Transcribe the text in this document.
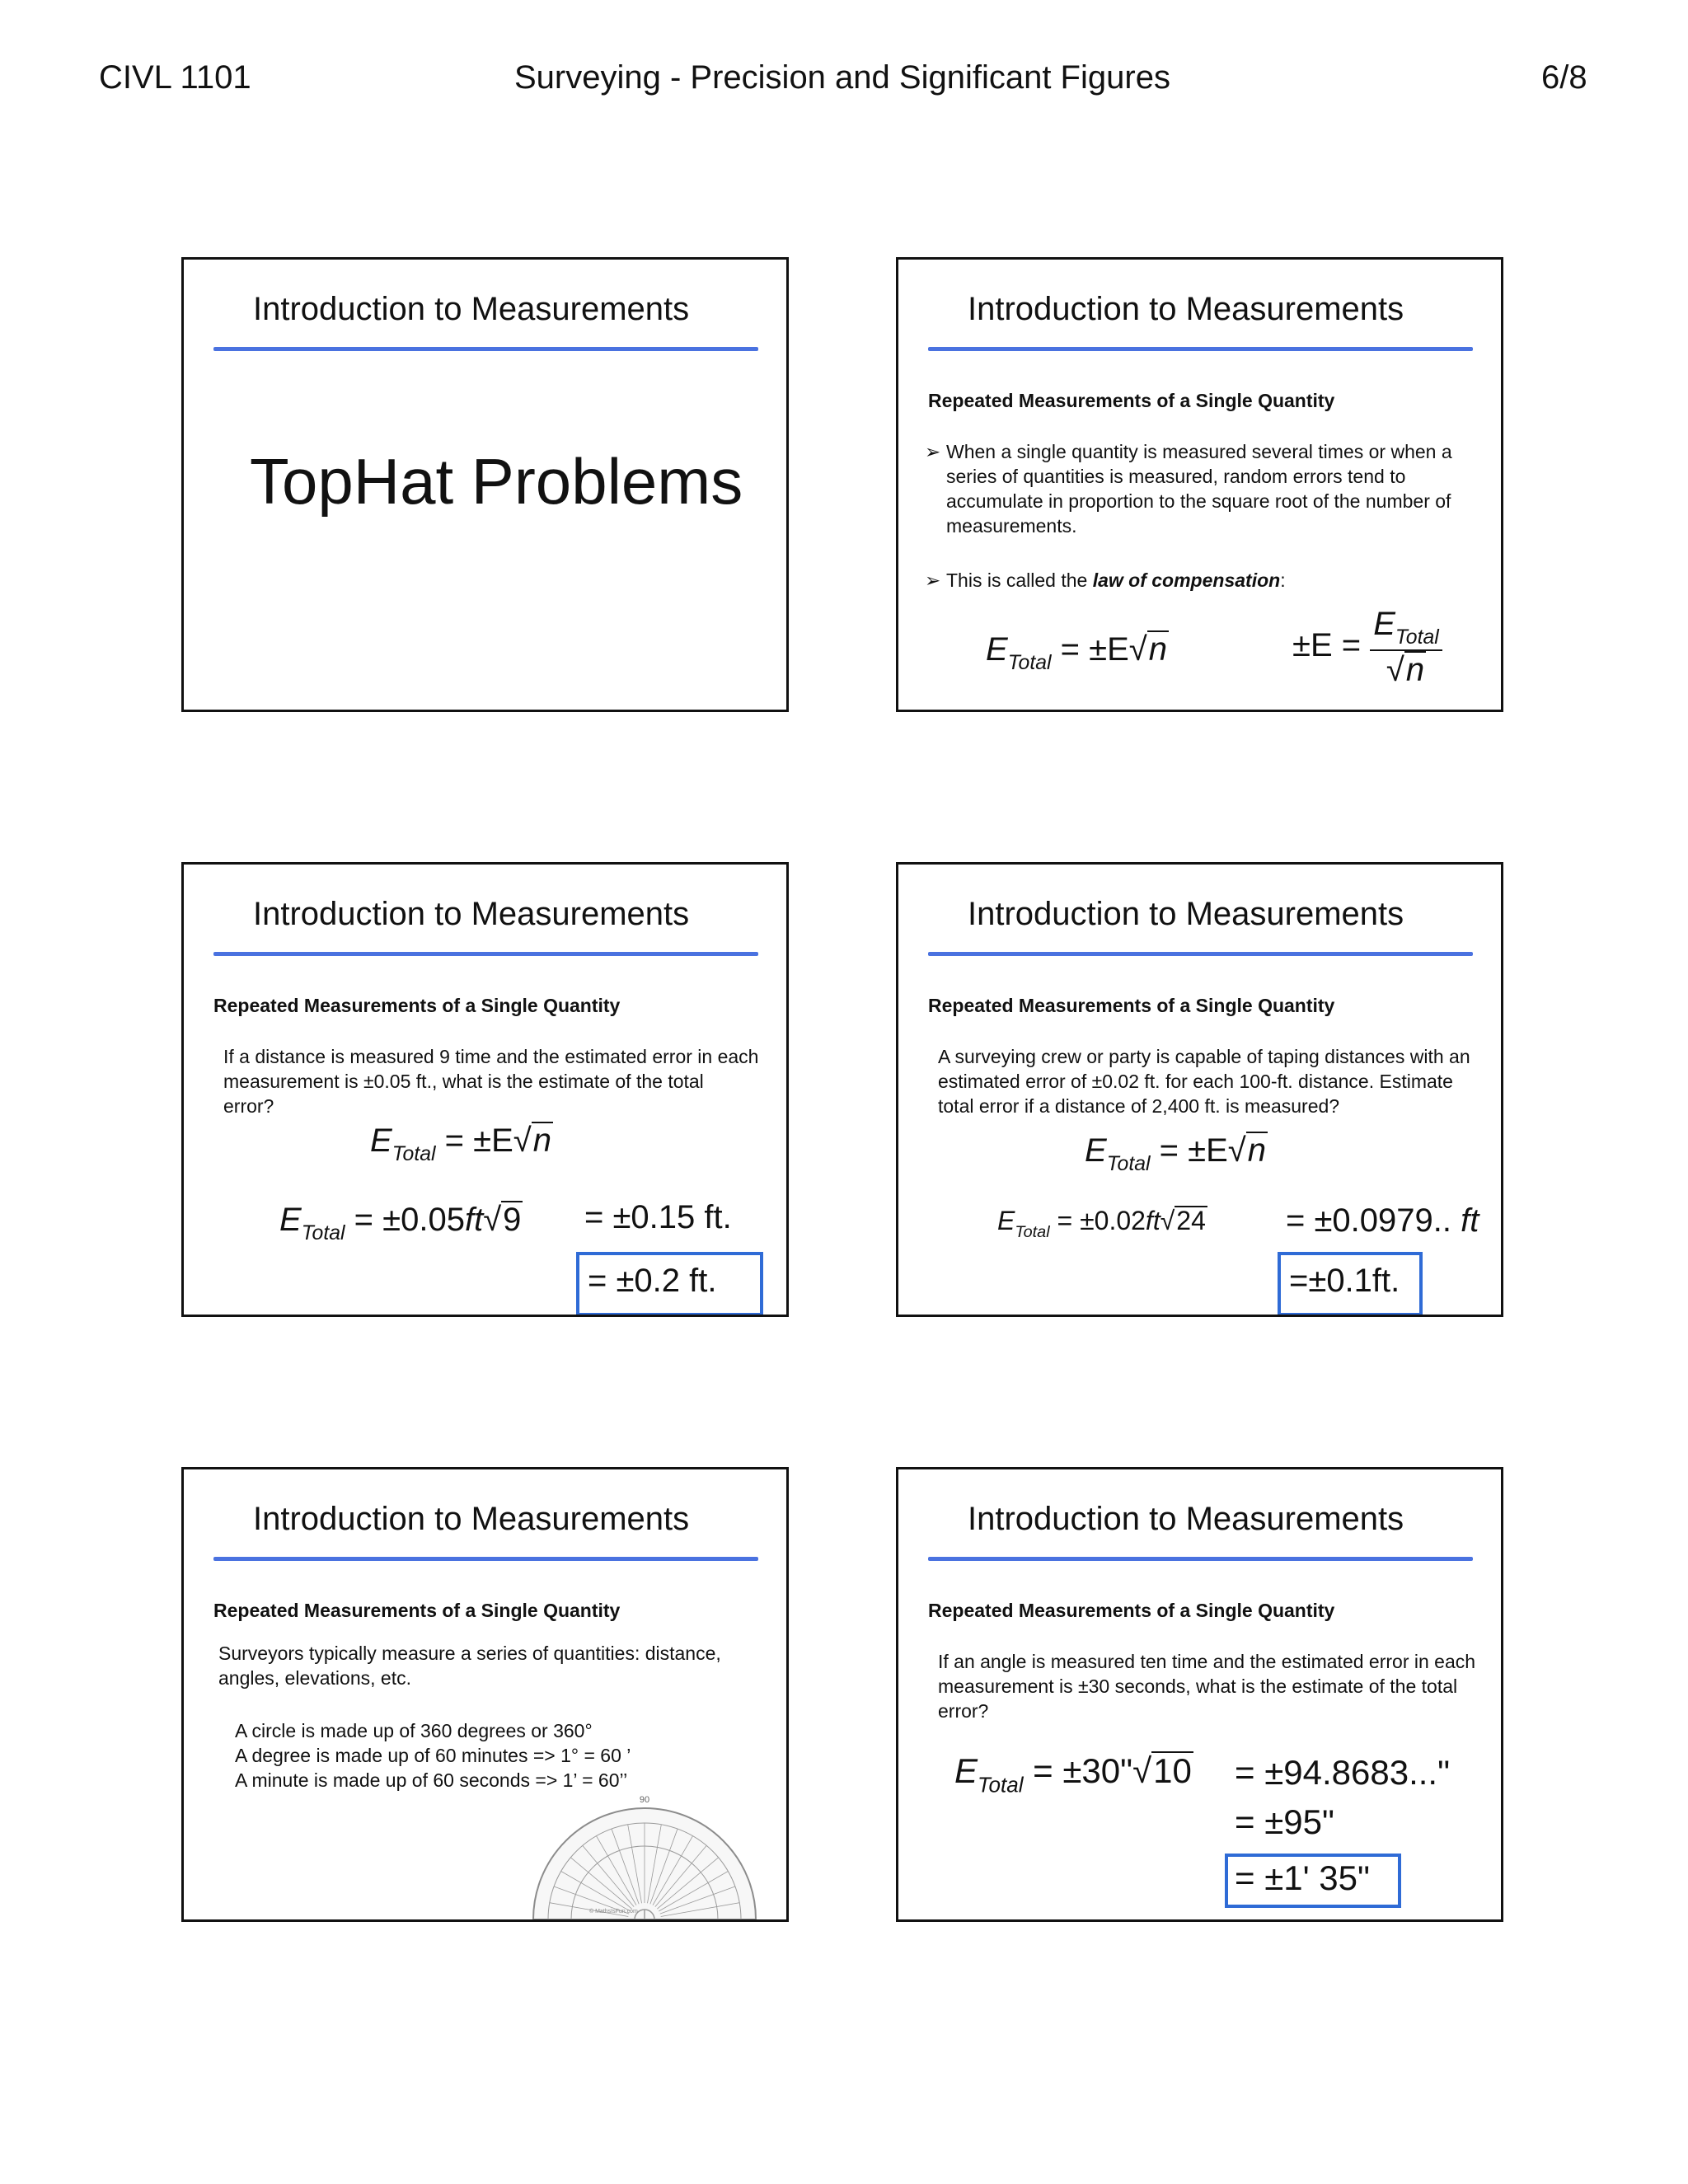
CIVL 1101	Surveying - Precision and Significant Figures	6/8
Introduction to Measurements
TopHat Problems
Introduction to Measurements
Repeated Measurements of a Single Quantity
➢ When a single quantity is measured several times or when a series of quantities is measured, random errors tend to accumulate in proportion to the square root of the number of measurements.
➢ This is called the law of compensation:
$E_{Total} = \pm E√n$	$\pm E = \frac{E_{Total}}{√n}$
Introduction to Measurements
Repeated Measurements of a Single Quantity
If a distance is measured 9 time and the estimated error in each measurement is ±0.05 ft., what is the estimate of the total error?
$E_{Total} = \pm E√n$
$E_{Total} = \pm 0.05ft√9 = \pm 0.15$ ft.
= ±0.2 ft.
Introduction to Measurements
Repeated Measurements of a Single Quantity
A surveying crew or party is capable of taping distances with an estimated error of ±0.02 ft. for each 100-ft. distance. Estimate total error if a distance of 2,400 ft. is measured?
$E_{Total} = \pm E√n$
$E_{Total} = \pm 0.02ft√24 = \pm 0.0979$.. ft
=±0.1ft.
Introduction to Measurements
Repeated Measurements of a Single Quantity
Surveyors typically measure a series of quantities: distance, angles, elevations, etc.
A circle is made up of 360 degrees or 360°
A degree is made up of 60 minutes => 1° = 60 ’
A minute is made up of 60 seconds => 1’ = 60’’
90
© MathsIsFun.com
Introduction to Measurements
Repeated Measurements of a Single Quantity
If an angle is measured ten time and the estimated error in each measurement is ±30 seconds, what is the estimate of the total error?
$E_{Total}$ = ±30"√10 = ±94.8683..."
= ±95"
= ±1' 35"
